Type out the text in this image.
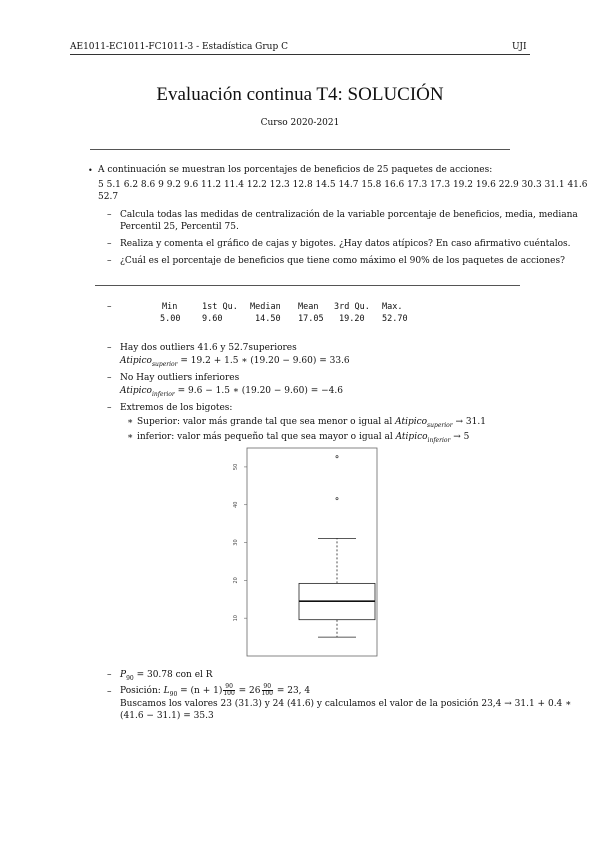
AE1011-EC1011-FC1011-3 - Estadística Grup C	UJI
Evaluación continua T4: SOLUCIÓN
Curso 2020-2021
• A continuación se muestran los porcentajes de beneficios de 25 paquetes de acciones:
5 5.1 6.2 8.6 9 9.2 9.6 11.2 11.4 12.2 12.3 12.8 14.5 14.7 15.8 16.6 17.3 17.3 19.2 19.6 22.9 30.3 31.1 41.6
52.7
– Calcula todas las medidas de centralización de la variable porcentaje de beneficios, media, mediana
Percentil 25, Percentil 75.
– Realiza y comenta el gráfico de cajas y bigotes. ¿Hay datos atípicos? En caso afirmativo cuéntalos.
– ¿Cuál es el porcentaje de beneficios que tiene como máximo el 90% de los paquetes de acciones?
–	Min	1st Qu. Median Mean 3rd Qu. Max.
5.00	9.60	14.50 17.05 19.20 52.70
– Hay dos outliers 41.6 y 52.7superiores
Atipico$_{superior}$ = 19.2 + 1.5 ∗ (19.20 − 9.60) = 33.6
– No Hay outliers inferiores
Atipico$_{inferior}$ = 9.6 − 1.5 ∗ (19.20 − 9.60) = −4.6
– Extremos de los bigotes:
∗ Superior: valor más grande tal que sea menor o igual al Atipico$_{superior}$ → 31.1
∗ inferior: valor más pequeño tal que sea mayor o igual al Atipico$_{inferior}$ → 5
10
20
30
40
50
– $P_{90} = 30.78$ con el R
– Posición: $L_{90} = (n + 1) \frac{90}{100} = 26 \frac{90}{100} = 23$, 4
Buscamos los valores 23 (31.3) y 24 (41.6) y calculamos el valor de la posición 23,4 → 31.1 + 0.4 ∗
(41.6 − 31.1) = 35.3
